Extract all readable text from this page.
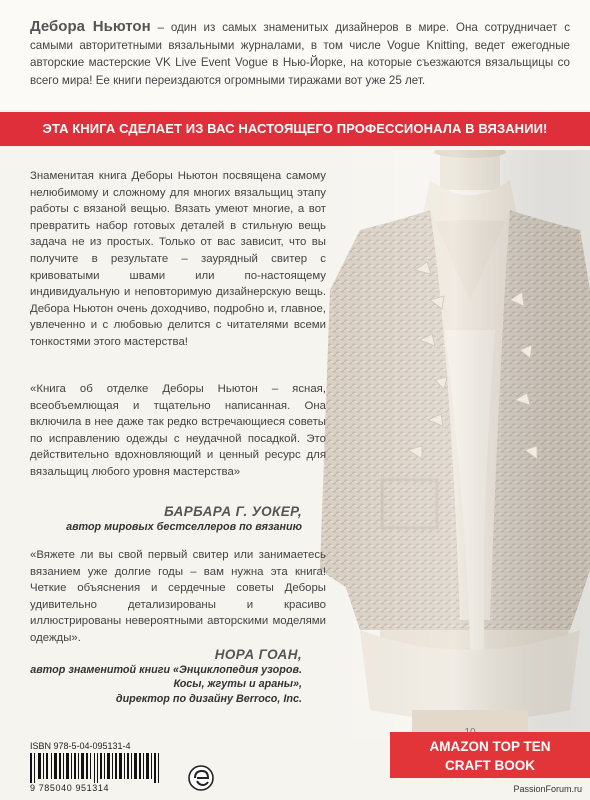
Дебора Ньютон – один из самых знаменитых дизайнеров в мире. Она сотрудничает с самыми авторитетными вязальными журналами, в том числе Vogue Knitting, ведет ежегодные авторские мастерские VK Live Event Vogue в Нью-Йорке, на которые съезжаются вязальщицы со всего мира! Ее книги переиздаются огромными тиражами вот уже 25 лет.

ЭТА КНИГА СДЕЛАЕТ ИЗ ВАС НАСТОЯЩЕГО ПРОФЕССИОНАЛА В ВЯЗАНИИ!

Знаменитая книга Деборы Ньютон посвящена самому нелюбимому и сложному для многих вязальщиц этапу работы с вязаной вещью. Вязать умеют многие, а вот превратить набор готовых деталей в стильную вещь задача не из простых. Только от вас зависит, что вы получите в результате – заурядный свитер с кривоватыми швами или по-настоящему индивидуальную и неповторимую дизайнерскую вещь. Дебора Ньютон очень доходчиво, подробно и, главное, увлеченно и с любовью делится с читателями всеми тонкостями этого мастерства!

«Книга об отделке Деборы Ньютон – ясная, всеобъемлющая и тщательно написанная. Она включила в нее даже так редко встречающиеся советы по исправлению одежды с неудачной посадкой. Это действительно вдохновляющий и ценный ресурс для вязальщиц любого уровня мастерства»

БАРБАРА Г. УОКЕР,
автор мировых бестселлеров по вязанию

«Вяжете ли вы свой первый свитер или занимаетесь вязанием уже долгие годы – вам нужна эта книга! Четкие объяснения и сердечные советы Деборы удивительно детализированы и красиво иллюстрированы невероятными авторскими моделями одежды».

НОРА ГОАН,
автор знаменитой книги «Энциклопедия узоров.
Косы, жгуты и араны»,
директор по дизайну Berroco, Inc.
ISBN 978-5-04-095131-4
9 785040 951314
AMAZON TOP TEN
CRAFT BOOK
PassionForum.ru
